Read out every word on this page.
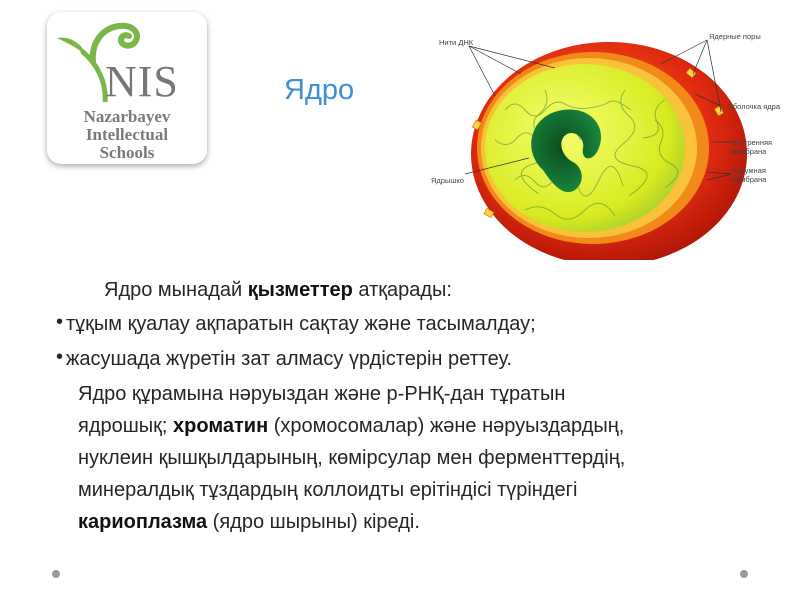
NIS
Nazarbayev
Intellectual
Schools
Ядро
Нити ДНК
Ядерные поры
Оболочка ядра
Внутренняя мембрана
Наружная мембрана
Ядрышко
Ядро мынадай қызметтер атқарады:
• тұқым қуалау ақпаратын сақтау және тасымалдау;
• жасушада жүретін зат алмасу үрдістерін реттеу.
Ядро құрамына нәруыздан және р-РНҚ-дан тұратын
ядрошық; хроматин (хромосомалар) және нәруыздардың,
нуклеин қышқылдарының, көмірсулар мен ферменттердің,
минералдық тұздардың коллоидты ерітіндісі түріндегі
кариоплазма (ядро шырыны) кіреді.
